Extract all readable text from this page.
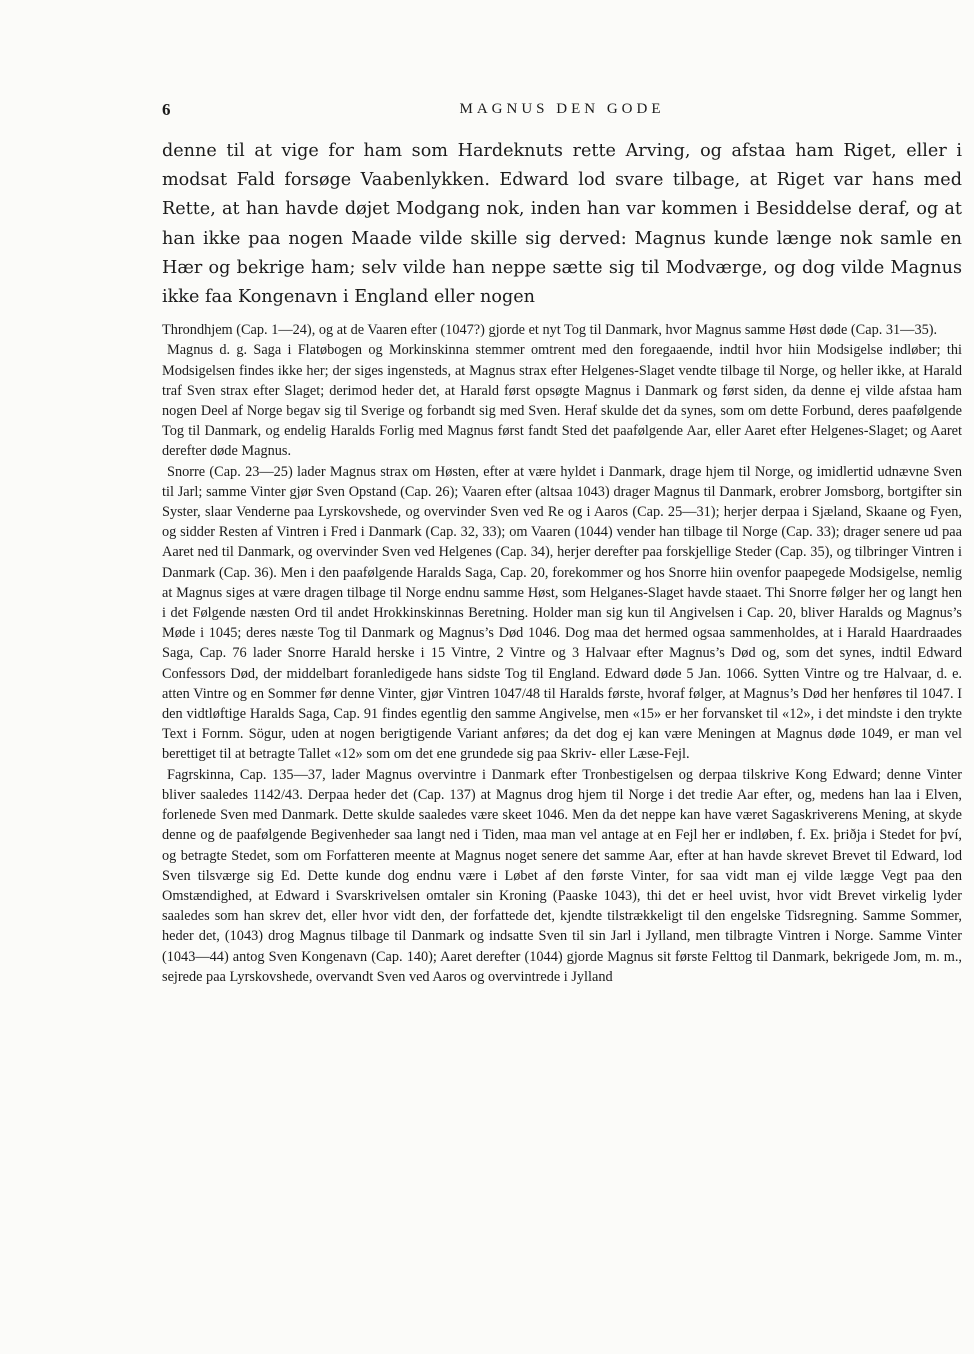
6	MAGNUS DEN GODE

denne til at vige for ham som Hardeknuts rette Arving, og afstaa ham Riget, eller i modsat Fald forsøge Vaabenlykken. Edward lod svare tilbage, at Riget var hans med Rette, at han havde døjet Modgang nok, inden han var kommen i Besiddelse deraf, og at han ikke paa nogen Maade vilde skille sig derved: Magnus kunde længe nok samle en Hær og bekrige ham; selv vilde han neppe sætte sig til Modværge, og dog vilde Magnus ikke faa Kongenavn i England eller nogen

Throndhjem (Cap. 1—24), og at de Vaaren efter (1047?) gjorde et nyt Tog til Danmark, hvor Magnus samme Høst døde (Cap. 31—35).

Magnus d. g. Saga i Flatøbogen og Morkinskinna stemmer omtrent med den foregaaende, indtil hvor hiin Modsigelse indløber; thi Modsigelsen findes ikke her; der siges ingensteds, at Magnus strax efter Helgenes-Slaget vendte tilbage til Norge, og heller ikke, at Harald traf Sven strax efter Slaget; derimod heder det, at Harald først opsøgte Magnus i Danmark og først siden, da denne ej vilde afstaa ham nogen Deel af Norge begav sig til Sverige og forbandt sig med Sven. Heraf skulde det da synes, som om dette Forbund, deres paafølgende Tog til Danmark, og endelig Haralds Forlig med Magnus først fandt Sted det paafølgende Aar, eller Aaret efter Helgenes-Slaget; og Aaret derefter døde Magnus.

Snorre (Cap. 23—25) lader Magnus strax om Høsten, efter at være hyldet i Danmark, drage hjem til Norge, og imidlertid udnævne Sven til Jarl; samme Vinter gjør Sven Opstand (Cap. 26); Vaaren efter (altsaa 1043) drager Magnus til Danmark, erobrer Jomsborg, bortgifter sin Syster, slaar Venderne paa Lyrskovshede, og overvinder Sven ved Re og i Aaros (Cap. 25—31); herjer derpaa i Sjæland, Skaane og Fyen, og sidder Resten af Vintren i Fred i Danmark (Cap. 32, 33); om Vaaren (1044) vender han tilbage til Norge (Cap. 33); drager senere ud paa Aaret ned til Danmark, og overvinder Sven ved Helgenes (Cap. 34), herjer derefter paa forskjellige Steder (Cap. 35), og tilbringer Vintren i Danmark (Cap. 36). Men i den paafølgende Haralds Saga, Cap. 20, forekommer og hos Snorre hiin ovenfor paapegede Modsigelse, nemlig at Magnus siges at være dragen tilbage til Norge endnu samme Høst, som Helganes-Slaget havde staaet. Thi Snorre følger her og langt hen i det Følgende næsten Ord til andet Hrokkinskinnas Beretning. Holder man sig kun til Angivelsen i Cap. 20, bliver Haralds og Magnus’s Møde i 1045; deres næste Tog til Danmark og Magnus’s Død 1046. Dog maa det hermed ogsaa sammenholdes, at i Harald Haardraades Saga, Cap. 76 lader Snorre Harald herske i 15 Vintre, 2 Vintre og 3 Halvaar efter Magnus’s Død og, som det synes, indtil Edward Confessors Død, der middelbart foranledigede hans sidste Tog til England. Edward døde 5 Jan. 1066. Sytten Vintre og tre Halvaar, d. e. atten Vintre og en Sommer før denne Vinter, gjør Vintren 1047/48 til Haralds første, hvoraf følger, at Magnus’s Død her henføres til 1047. I den vidtløftige Haralds Saga, Cap. 91 findes egentlig den samme Angivelse, men «15» er her forvansket til «12», i det mindste i den trykte Text i Fornm. Sögur, uden at nogen berigtigende Variant anføres; da det dog ej kan være Meningen at Magnus døde 1049, er man vel berettiget til at betragte Tallet «12» som om det ene grundede sig paa Skriv- eller Læse-Fejl.

Fagrskinna, Cap. 135—37, lader Magnus overvintre i Danmark efter Tronbestigelsen og derpaa tilskrive Kong Edward; denne Vinter bliver saaledes 1142/43. Derpaa heder det (Cap. 137) at Magnus drog hjem til Norge i det tredie Aar efter, og, medens han laa i Elven, forlenede Sven med Danmark. Dette skulde saaledes være skeet 1046. Men da det neppe kan have været Sagaskriverens Mening, at skyde denne og de paafølgende Begivenheder saa langt ned i Tiden, maa man vel antage at en Fejl her er indløben, f. Ex. þriðja i Stedet for því, og betragte Stedet, som om Forfatteren meente at Magnus noget senere det samme Aar, efter at han havde skrevet Brevet til Edward, lod Sven tilsværge sig Ed. Dette kunde dog endnu være i Løbet af den første Vinter, for saa vidt man ej vilde lægge Vegt paa den Omstændighed, at Edward i Svarskrivelsen omtaler sin Kroning (Paaske 1043), thi det er heel uvist, hvor vidt Brevet virkelig lyder saaledes som han skrev det, eller hvor vidt den, der forfattede det, kjendte tilstrækkeligt til den engelske Tidsregning. Samme Sommer, heder det, (1043) drog Magnus tilbage til Danmark og indsatte Sven til sin Jarl i Jylland, men tilbragte Vintren i Norge. Samme Vinter (1043—44) antog Sven Kongenavn (Cap. 140); Aaret derefter (1044) gjorde Magnus sit første Felttog til Danmark, bekrigede Jom, m. m., sejrede paa Lyrskovshede, overvandt Sven ved Aaros og overvintrede i Jylland
